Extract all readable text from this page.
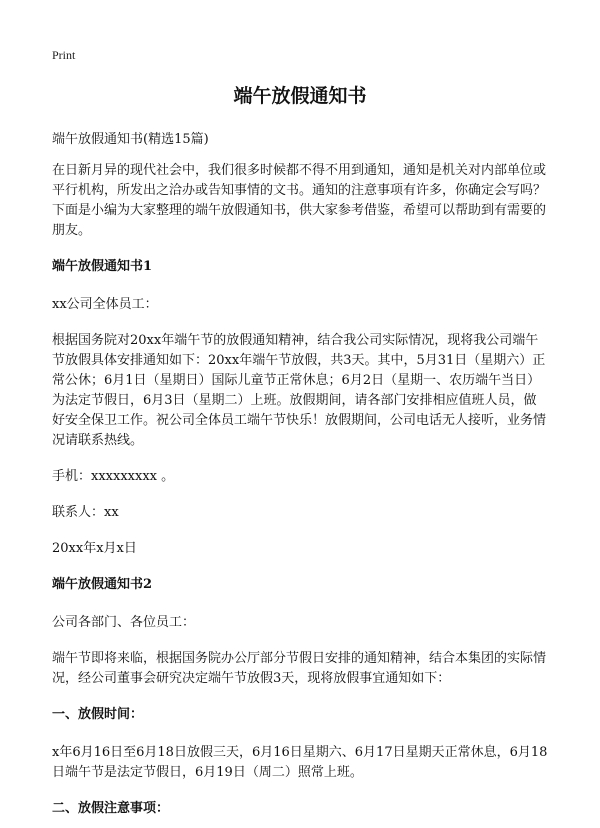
Print
端午放假通知书

端午放假通知书(精选15篇)

在日新月异的现代社会中，我们很多时候都不得不用到通知，通知是机关对内部单位或平行机构，所发出之洽办或告知事情的文书。通知的注意事项有许多，你确定会写吗？下面是小编为大家整理的端午放假通知书，供大家参考借鉴，希望可以帮助到有需要的朋友。

端午放假通知书1

xx公司全体员工：

根据国务院对20xx年端午节的放假通知精神，结合我公司实际情况，现将我公司端午节放假具体安排通知如下：20xx年端午节放假，共3天。其中，5月31日（星期六）正常公休；6月1日（星期日）国际儿童节正常休息；6月2日（星期一、农历端午当日）为法定节假日，6月3日（星期二）上班。放假期间，请各部门安排相应值班人员，做好安全保卫工作。祝公司全体员工端午节快乐！放假期间，公司电话无人接听，业务情况请联系热线。

手机：xxxxxxxxx 。

联系人：xx

20xx年x月x日

端午放假通知书2

公司各部门、各位员工：

端午节即将来临，根据国务院办公厅部分节假日安排的通知精神，结合本集团的实际情况，经公司董事会研究决定端午节放假3天，现将放假事宜通知如下：

一、放假时间：

x年6月16日至6月18日放假三天，6月16日星期六、6月17日星期天正常休息，6月18日端午节是法定节假日，6月19日（周二）照常上班。

二、放假注意事项：
